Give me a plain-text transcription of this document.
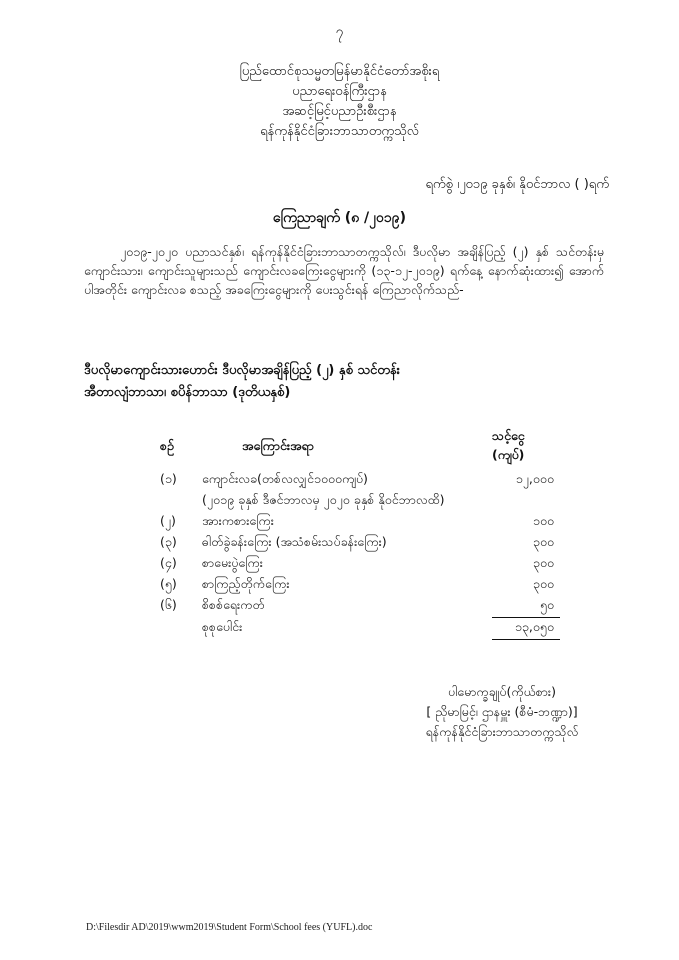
၇
ပြည်ထောင်စုသမ္မတမြန်မာနိုင်ငံတော်အစိုးရ
ပညာရေးဝန်ကြီးဌာန
အဆင့်မြင့်ပညာဦးစီးဌာန
ရန်ကုန်နိုင်ငံခြားဘာသာတက္ကသိုလ်
ရက်စွဲ ၊၂၀၁၉ ခုနှစ်၊ နိုဝင်ဘာလ ( )ရက်
ကြေညာချက် (၈ /၂၀၁၉)
၂၀၁၉-၂၀၂၀ ပညာသင်နှစ်၊ ရန်ကုန်နိုင်ငံခြားဘာသာတက္ကသိုလ်၊ ဒီပလိုမာ အချိန်ပြည့် (၂) နှစ် သင်တန်းမှ ကျောင်းသား၊ ကျောင်းသူများသည် ကျောင်းလခကြေးငွေများကို (၁၃-၁၂-၂၀၁၉) ရက်နေ့ နောက်ဆုံးထား၍ အောက်ပါအတိုင်း ကျောင်းလခ စသည့် အခကြေးငွေများကို ပေးသွင်းရန် ကြေညာလိုက်သည်-
ဒီပလိုမာကျောင်းသားဟောင်း ဒီပလိုမာအချိန်ပြည့် (၂) နှစ် သင်တန်း
အီတာလျံဘာသာ၊ စပိန်ဘာသာ (ဒုတိယနှစ်)
စဉ်	အကြောင်းအရာ	သင့်ငွေ (ကျပ်)
(၁)	ကျောင်းလခ(တစ်လလျှင်၁၀၀၀ကျပ်)	၁၂,၀၀၀
	(၂၀၁၉ ခုနှစ် ဒီဇင်ဘာလမှ ၂၀၂၀ ခုနှစ် နိုဝင်ဘာလထိ)	
(၂)	အားကစားကြေး	၁၀၀
(၃)	ဓါတ်ခွဲခန်းကြေး (အသံစမ်းသပ်ခန်းကြေး)	၃၀၀
(၄)	စာမေးပွဲကြေး	၃၀၀
(၅)	စာကြည့်တိုက်ကြေး	၃၀၀
(၆)	စိစစ်ရေးကတ်	၅၀
	စုစုပေါင်း	၁၃,၀၅၀
ပါမောက္ခချုပ်(ကိုယ်စား)
[ ညိုမာမြင့်၊ ဌာနမှူး (စီမံ-ဘဏ္ဍာ)]
ရန်ကုန်နိုင်ငံခြားဘာသာတက္ကသိုလ်
D:\Filesdir AD\2019\wwm2019\Student Form\School fees (YUFL).doc
